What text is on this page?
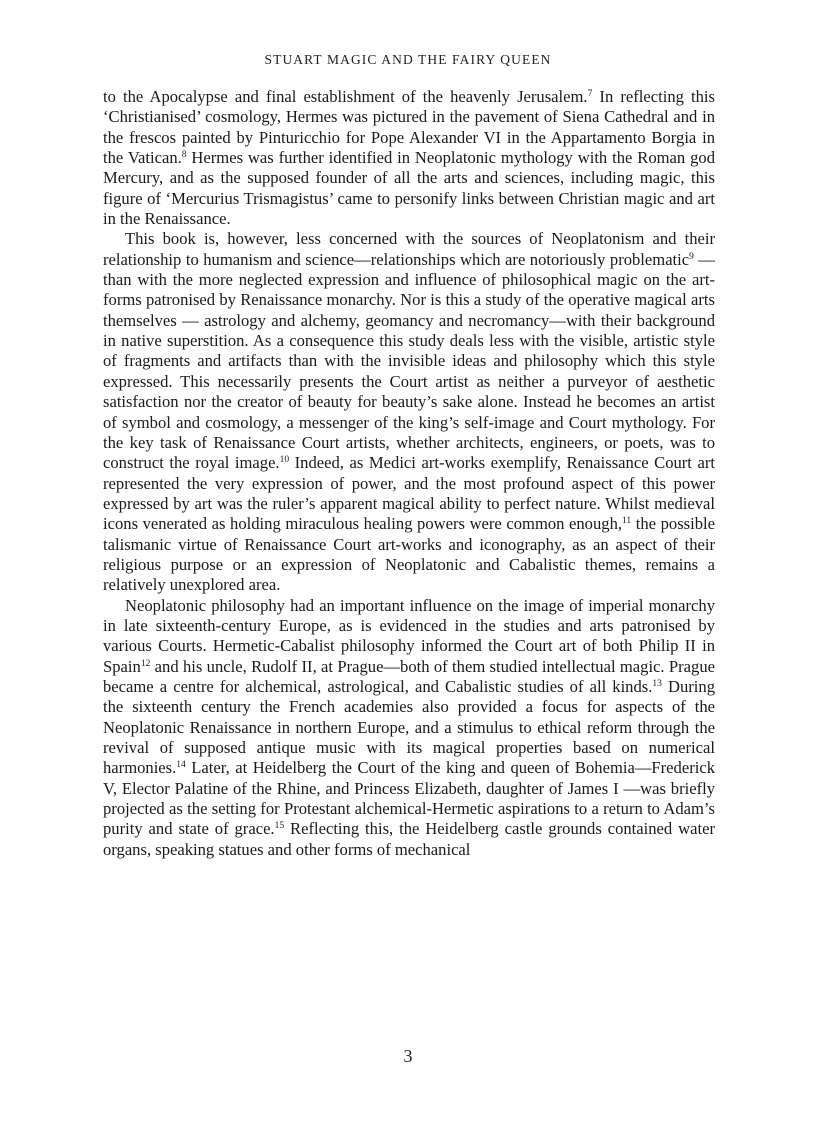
STUART MAGIC AND THE FAIRY QUEEN

to the Apocalypse and final establishment of the heavenly Jerusalem.$^7$ In reflecting this ‘Christianised’ cosmology, Hermes was pictured in the pavement of Siena Cathedral and in the frescos painted by Pinturicchio for Pope Alexander VI in the Appartamento Borgia in the Vatican.$^8$ Hermes was further identified in Neoplatonic mythology with the Roman god Mercury, and as the supposed founder of all the arts and sciences, including magic, this figure of ‘Mercurius Trismagistus’ came to personify links between Christian magic and art in the Renaissance.

This book is, however, less concerned with the sources of Neoplatonism and their relationship to humanism and science—relationships which are notoriously problematic$^9$ —than with the more neglected expression and influence of philosophical magic on the art-forms patronised by Renaissance monarchy. Nor is this a study of the operative magical arts themselves — astrology and alchemy, geomancy and necromancy—with their background in native superstition. As a consequence this study deals less with the visible, artistic style of fragments and artifacts than with the invisible ideas and philosophy which this style expressed. This necessarily presents the Court artist as neither a purveyor of aesthetic satisfaction nor the creator of beauty for beauty’s sake alone. Instead he becomes an artist of symbol and cosmology, a messenger of the king’s self-image and Court mythology. For the key task of Renaissance Court artists, whether architects, engineers, or poets, was to construct the royal image.$^{10}$ Indeed, as Medici art-works exemplify, Renaissance Court art represented the very expression of power, and the most profound aspect of this power expressed by art was the ruler’s apparent magical ability to perfect nature. Whilst medieval icons venerated as holding miraculous healing powers were common enough,$^{11}$ the possible talismanic virtue of Renaissance Court art-works and iconography, as an aspect of their religious purpose or an expression of Neoplatonic and Cabalistic themes, remains a relatively unexplored area.

Neoplatonic philosophy had an important influence on the image of imperial monarchy in late sixteenth-century Europe, as is evidenced in the studies and arts patronised by various Courts. Hermetic-Cabalist philosophy informed the Court art of both Philip II in Spain$^{12}$ and his uncle, Rudolf II, at Prague—both of them studied intellectual magic. Prague became a centre for alchemical, astrological, and Cabalistic studies of all kinds.$^{13}$ During the sixteenth century the French academies also provided a focus for aspects of the Neoplatonic Renaissance in northern Europe, and a stimulus to ethical reform through the revival of supposed antique music with its magical properties based on numerical harmonies.$^{14}$ Later, at Heidelberg the Court of the king and queen of Bohemia—Frederick V, Elector Palatine of the Rhine, and Princess Elizabeth, daughter of James I —was briefly projected as the setting for Protestant alchemical-Hermetic aspirations to a return to Adam’s purity and state of grace.$^{15}$ Reflecting this, the Heidelberg castle grounds contained water organs, speaking statues and other forms of mechanical

3
